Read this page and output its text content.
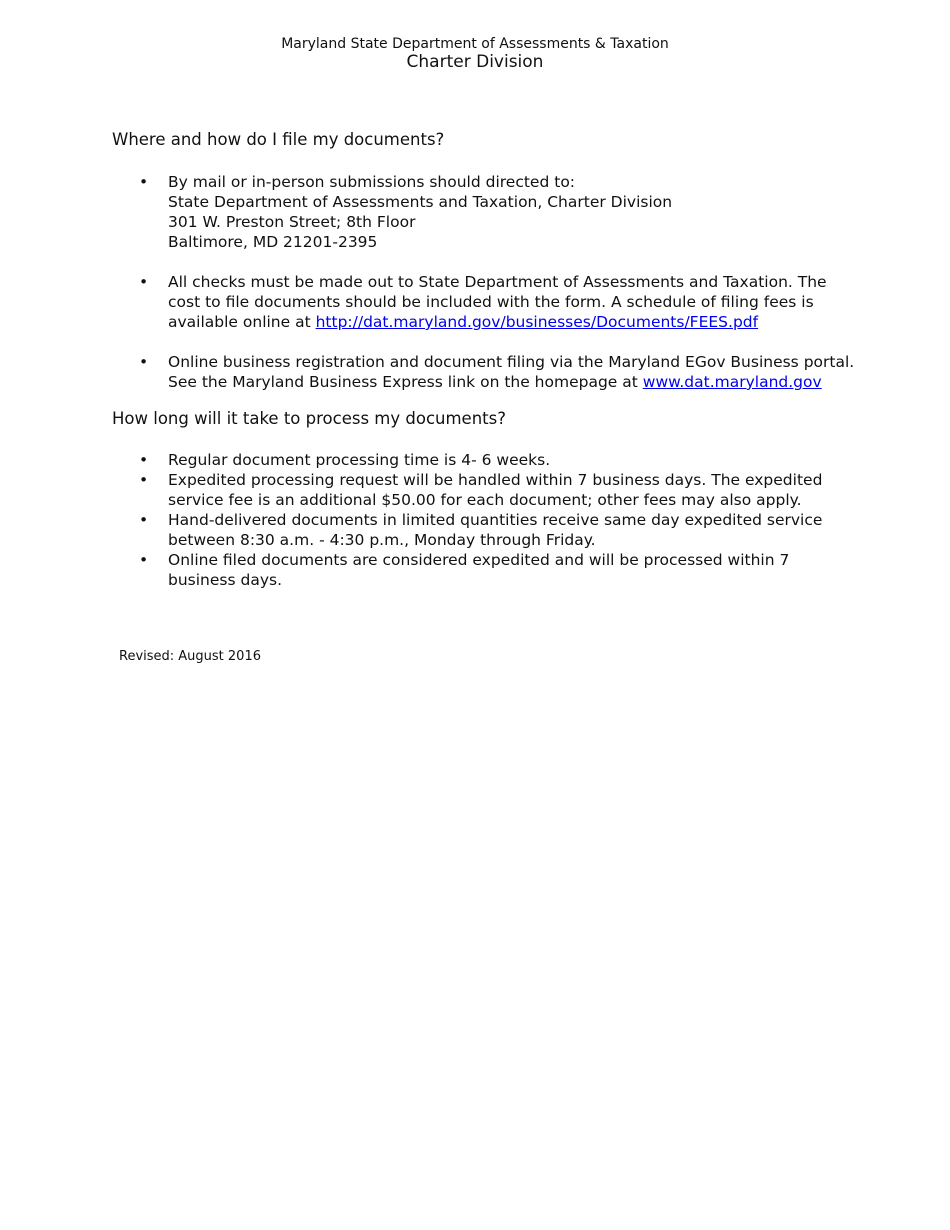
Maryland State Department of Assessments & Taxation
Charter Division
Where and how do I file my documents?
• By mail or in-person submissions should directed to:
State Department of Assessments and Taxation, Charter Division
301 W. Preston Street; 8th Floor
Baltimore, MD 21201-2395
• All checks must be made out to State Department of Assessments and Taxation. The
cost to file documents should be included with the form. A schedule of filing fees is
available online at http://dat.maryland.gov/businesses/Documents/FEES.pdf
• Online business registration and document filing via the Maryland EGov Business portal.
See the Maryland Business Express link on the homepage at www.dat.maryland.gov
How long will it take to process my documents?
• Regular document processing time is 4- 6 weeks.
• Expedited processing request will be handled within 7 business days. The expedited
service fee is an additional $50.00 for each document; other fees may also apply.
• Hand-delivered documents in limited quantities receive same day expedited service
between 8:30 a.m. - 4:30 p.m., Monday through Friday.
• Online filed documents are considered expedited and will be processed within 7
business days.
Revised: August 2016
